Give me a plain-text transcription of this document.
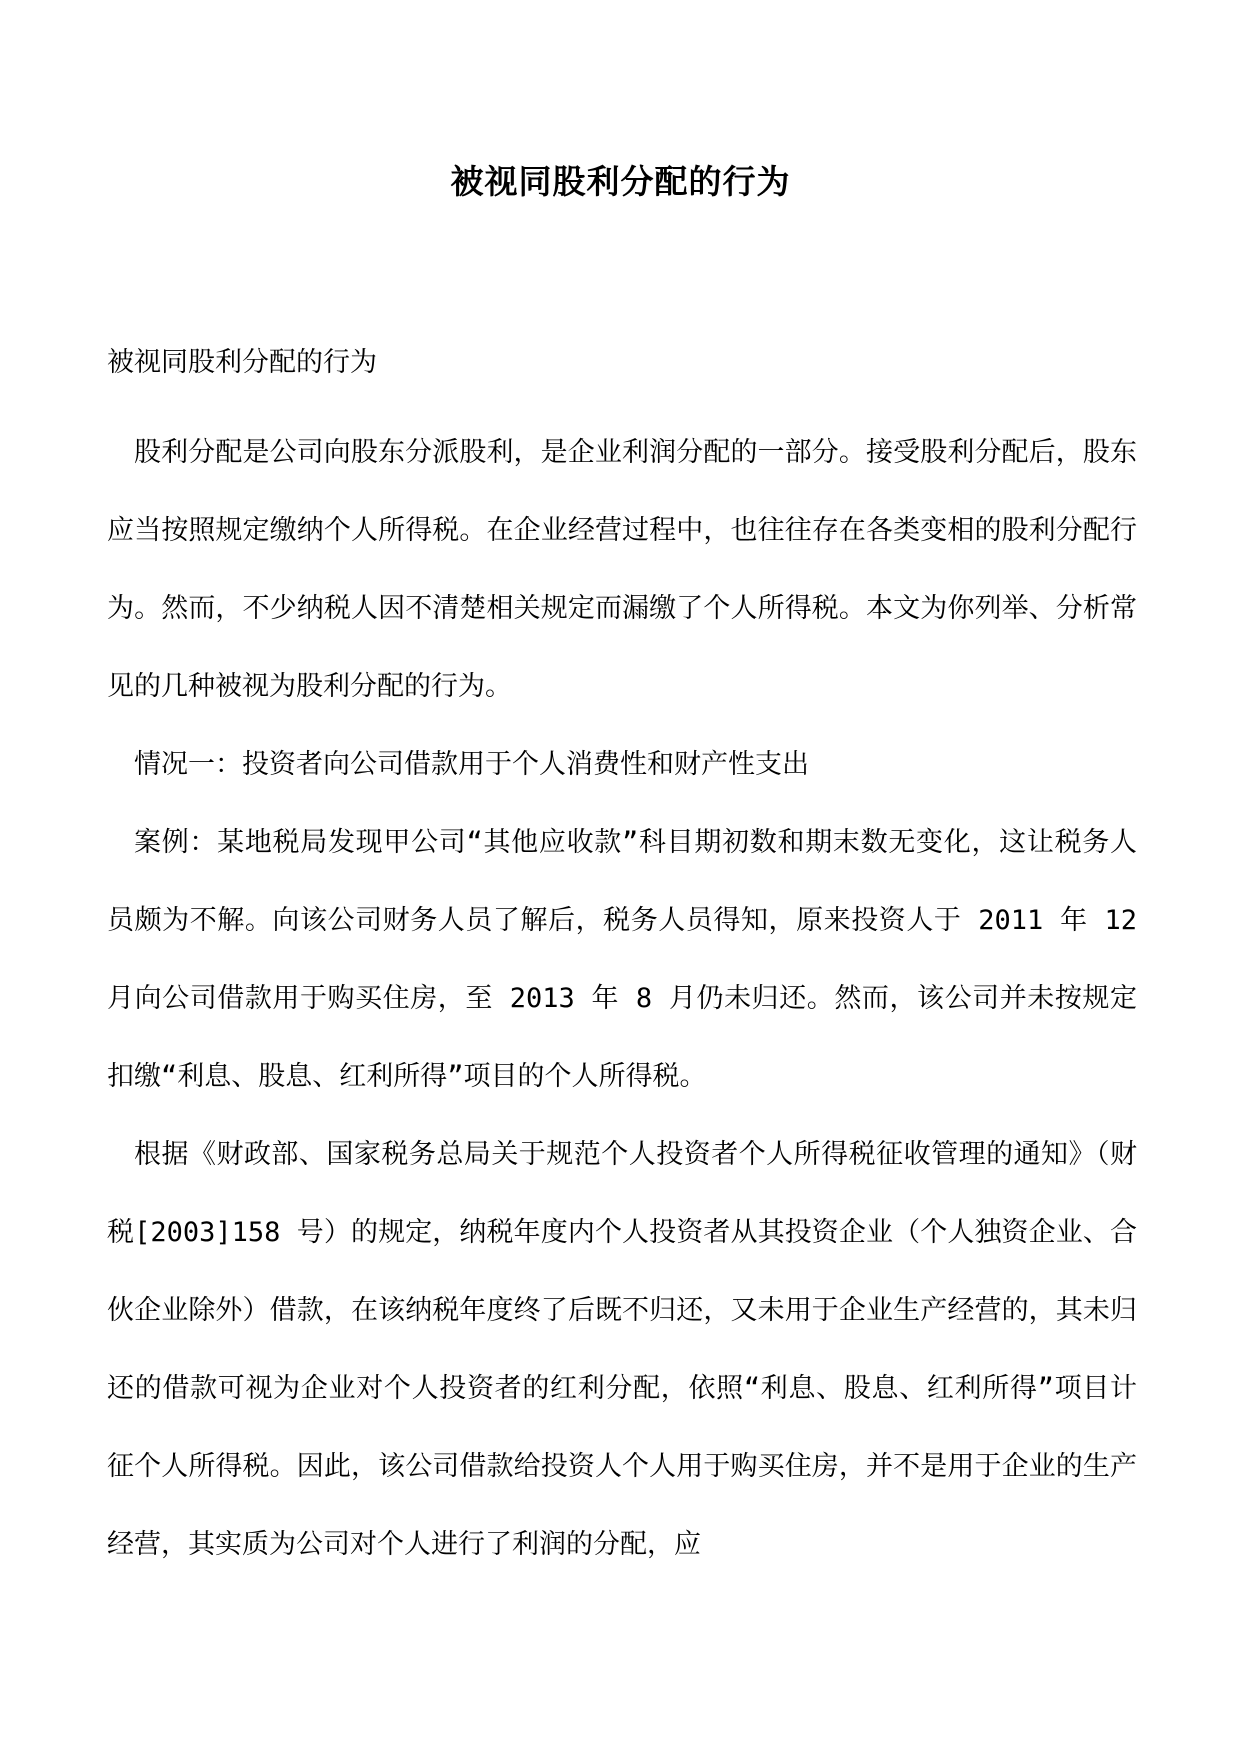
被视同股利分配的行为

被视同股利分配的行为

股利分配是公司向股东分派股利，是企业利润分配的一部分。接受股利分配后，股东应当按照规定缴纳个人所得税。在企业经营过程中，也往往存在各类变相的股利分配行为。然而，不少纳税人因不清楚相关规定而漏缴了个人所得税。本文为你列举、分析常见的几种被视为股利分配的行为。

情况一：投资者向公司借款用于个人消费性和财产性支出

案例：某地税局发现甲公司“其他应收款”科目期初数和期末数无变化，这让税务人员颇为不解。向该公司财务人员了解后，税务人员得知，原来投资人于 2011 年 12 月向公司借款用于购买住房，至 2013 年 8 月仍未归还。然而，该公司并未按规定扣缴“利息、股息、红利所得”项目的个人所得税。

根据《财政部、国家税务总局关于规范个人投资者个人所得税征收管理的通知》（财税[2003]158 号）的规定，纳税年度内个人投资者从其投资企业（个人独资企业、合伙企业除外）借款，在该纳税年度终了后既不归还，又未用于企业生产经营的，其未归还的借款可视为企业对个人投资者的红利分配，依照“利息、股息、红利所得”项目计征个人所得税。因此，该公司借款给投资人个人用于购买住房，并不是用于企业的生产经营，其实质为公司对个人进行了利润的分配，应
